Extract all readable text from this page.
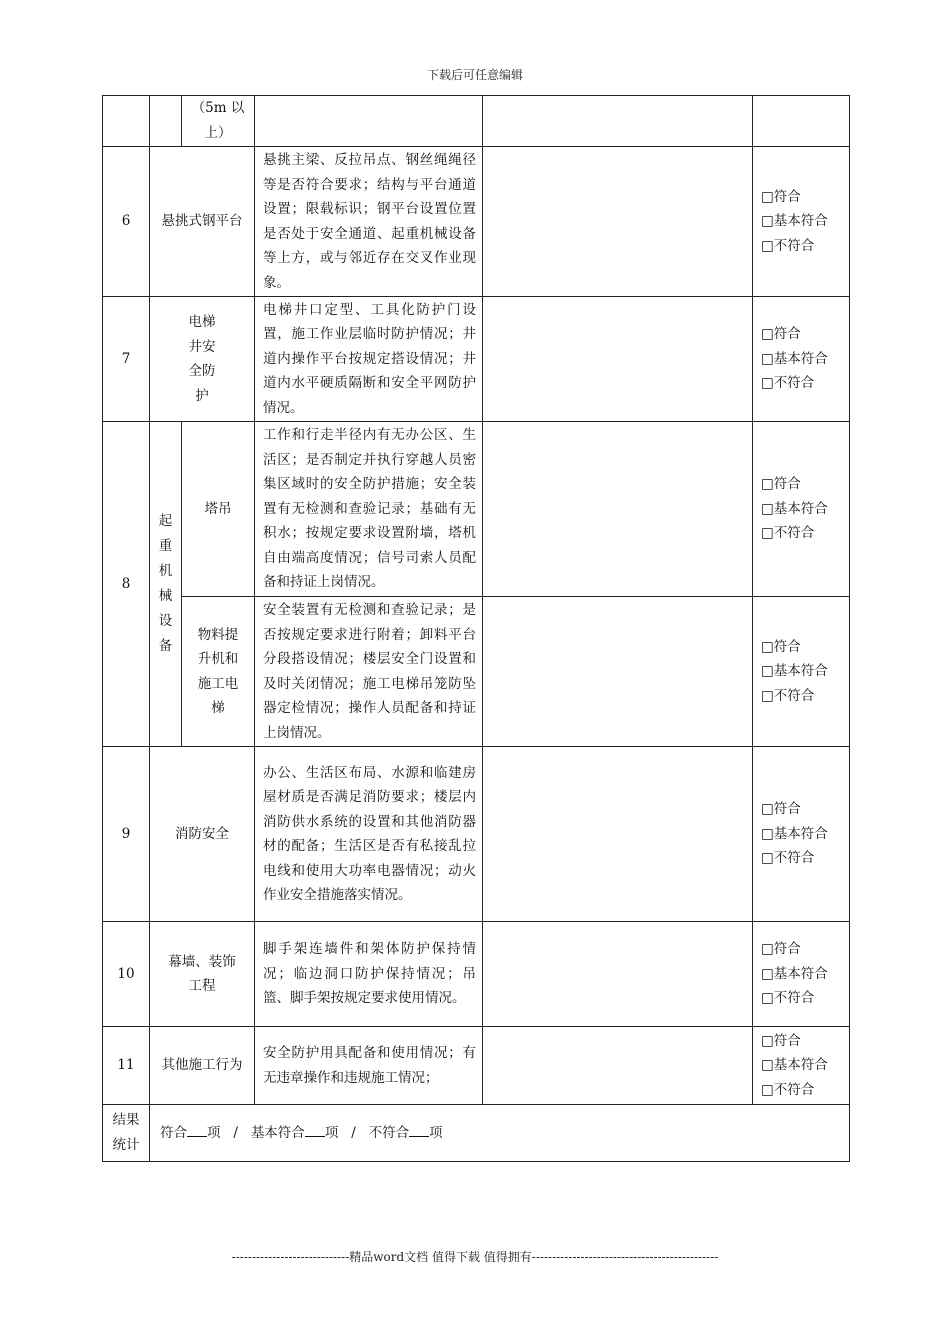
下载后可任意编辑
		（5m 以上）			
6	悬挑式钢平台		悬挑主梁、反拉吊点、钢丝绳绳径等是否符合要求；结构与平台通道设置；限载标识；钢平台设置位置是否处于安全通道、起重机械设备等上方，或与邻近存在交叉作业现象。		□符合
□基本符合
□不符合

7	电梯井安全防护		电梯井口定型、工具化防护门设置，施工作业层临时防护情况；井道内操作平台按规定搭设情况；井道内水平硬质隔断和安全平网防护情况。		□符合
□基本符合
□不符合

8	起重机械设备	塔吊	工作和行走半径内有无办公区、生活区；是否制定并执行穿越人员密集区域时的安全防护措施；安全装置有无检测和查验记录；基础有无积水；按规定要求设置附墙，塔机自由端高度情况；信号司索人员配备和持证上岗情况。		□符合
□基本符合
□不符合

		物料提升机和施工电梯	安全装置有无检测和查验记录；是否按规定要求进行附着；卸料平台分段搭设情况；楼层安全门设置和及时关闭情况；施工电梯吊笼防坠器定检情况；操作人员配备和持证上岗情况。		□符合
□基本符合
□不符合

9	消防安全		办公、生活区布局、水源和临建房屋材质是否满足消防要求；楼层内消防供水系统的设置和其他消防器材的配备；生活区是否有私接乱拉电线和使用大功率电器情况；动火作业安全措施落实情况。		□符合
□基本符合
□不符合

10	幕墙、装饰工程		脚手架连墙件和架体防护保持情况；临边洞口防护保持情况；吊篮、脚手架按规定要求使用情况。		□符合
□基本符合
□不符合

11	其他施工行为		安全防护用具配备和使用情况；有无违章操作和违规施工情况；		□符合
□基本符合
□不符合

结果统计	符合 项 / 基本符合 项 / 不符合 项				
-----------------------------精品word文档 值得下载 值得拥有----------------------------------------------
